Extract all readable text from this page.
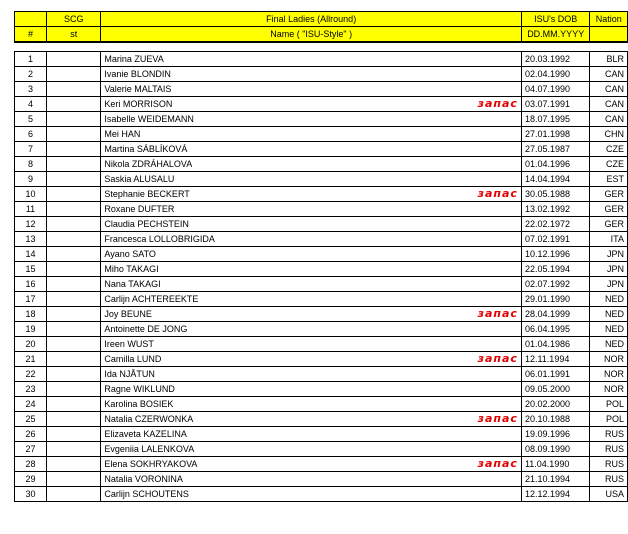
	SCG	Final Ladies (Allround)	ISU's DOB	Nation
#	st	Name ( "ISU-Style" )	DD.MM.YYYY	

1		Marina ZUEVA	20.03.1992	BLR
2		Ivanie BLONDIN	02.04.1990	CAN
3		Valerie MALTAIS	04.07.1990	CAN
4		Keri MORRISON запас	03.07.1991	CAN
5		Isabelle WEIDEMANN	18.07.1995	CAN
6		Mei HAN	27.01.1998	CHN
7		Martina SÁBLÍKOVÁ	27.05.1987	CZE
8		Nikola ZDRÁHALOVA	01.04.1996	CZE
9		Saskia ALUSALU	14.04.1994	EST
10		Stephanie BECKERT запас	30.05.1988	GER
11		Roxane DUFTER	13.02.1992	GER
12		Claudia PECHSTEIN	22.02.1972	GER
13		Francesca LOLLOBRIGIDA	07.02.1991	ITA
14		Ayano SATO	10.12.1996	JPN
15		Miho TAKAGI	22.05.1994	JPN
16		Nana TAKAGI	02.07.1992	JPN
17		Carlijn ACHTEREEKTE	29.01.1990	NED
18		Joy BEUNE запас	28.04.1999	NED
19		Antoinette DE JONG	06.04.1995	NED
20		Ireen WUST	01.04.1986	NED
21		Camilla LUND запас	12.11.1994	NOR
22		Ida NJÅTUN	06.01.1991	NOR
23		Ragne WIKLUND	09.05.2000	NOR
24		Karolina BOSIEK	20.02.2000	POL
25		Natalia CZERWONKA запас	20.10.1988	POL
26		Elizaveta KAZELINA	19.09.1996	RUS
27		Evgeniia LALENKOVA	08.09.1990	RUS
28		Elena SOKHRYAKOVA запас	11.04.1990	RUS
29		Natalia VORONINA	21.10.1994	RUS
30		Carlijn SCHOUTENS	12.12.1994	USA
